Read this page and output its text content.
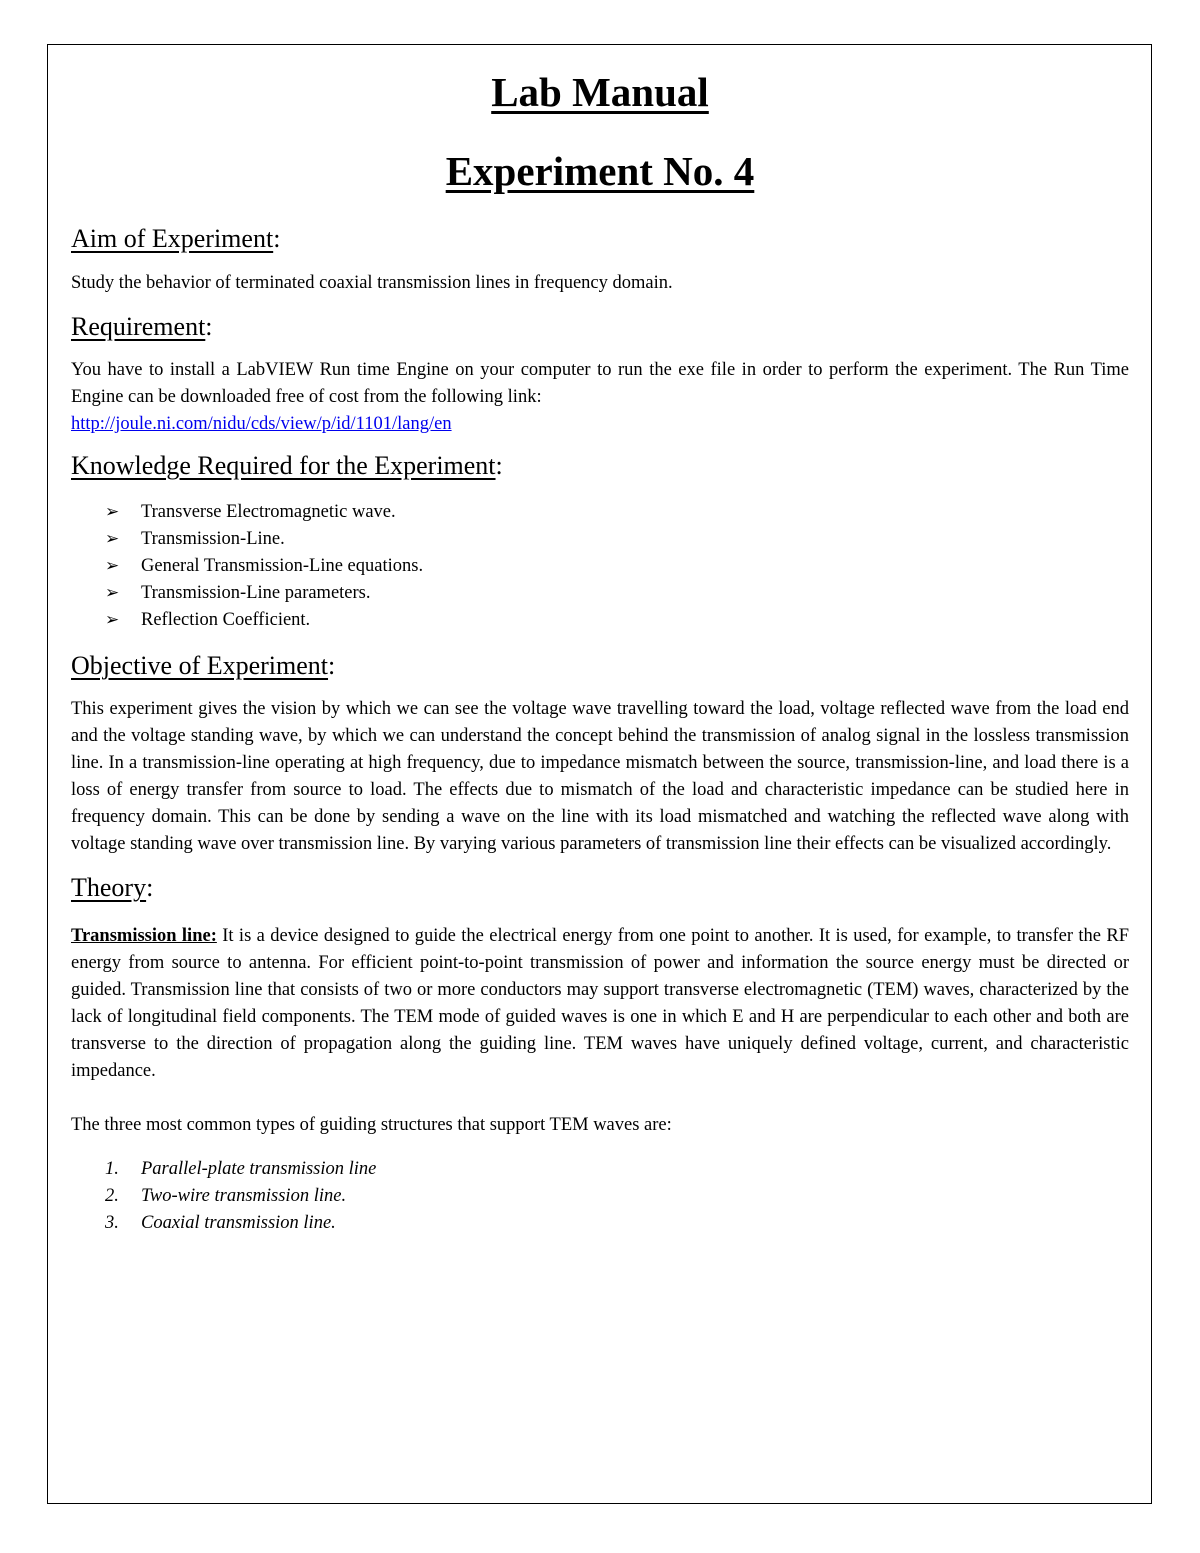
Lab Manual
Experiment No. 4
Aim of Experiment:

Study the behavior of terminated coaxial transmission lines in frequency domain.

Requirement:

You have to install a LabVIEW Run time Engine on your computer to run the exe file in order to perform the experiment. The Run Time Engine can be downloaded free of cost from the following link:
http://joule.ni.com/nidu/cds/view/p/id/1101/lang/en

Knowledge Required for the Experiment:
➢ Transverse Electromagnetic wave.
➢ Transmission-Line.
➢ General Transmission-Line equations.
➢ Transmission-Line parameters.
➢ Reflection Coefficient.
Objective of Experiment:

This experiment gives the vision by which we can see the voltage wave travelling toward the load, voltage reflected wave from the load end and the voltage standing wave, by which we can understand the concept behind the transmission of analog signal in the lossless transmission line. In a transmission-line operating at high frequency, due to impedance mismatch between the source, transmission-line, and load there is a loss of energy transfer from source to load. The effects due to mismatch of the load and characteristic impedance can be studied here in frequency domain. This can be done by sending a wave on the line with its load mismatched and watching the reflected wave along with voltage standing wave over transmission line. By varying various parameters of transmission line their effects can be visualized accordingly.

Theory:

Transmission line: It is a device designed to guide the electrical energy from one point to another. It is used, for example, to transfer the RF energy from source to antenna. For efficient point-to-point transmission of power and information the source energy must be directed or guided. Transmission line that consists of two or more conductors may support transverse electromagnetic (TEM) waves, characterized by the lack of longitudinal field components. The TEM mode of guided waves is one in which E and H are perpendicular to each other and both are transverse to the direction of propagation along the guiding line. TEM waves have uniquely defined voltage, current, and characteristic impedance.

The three most common types of guiding structures that support TEM waves are:

1. Parallel-plate transmission line
2. Two-wire transmission line.
3. Coaxial transmission line.
